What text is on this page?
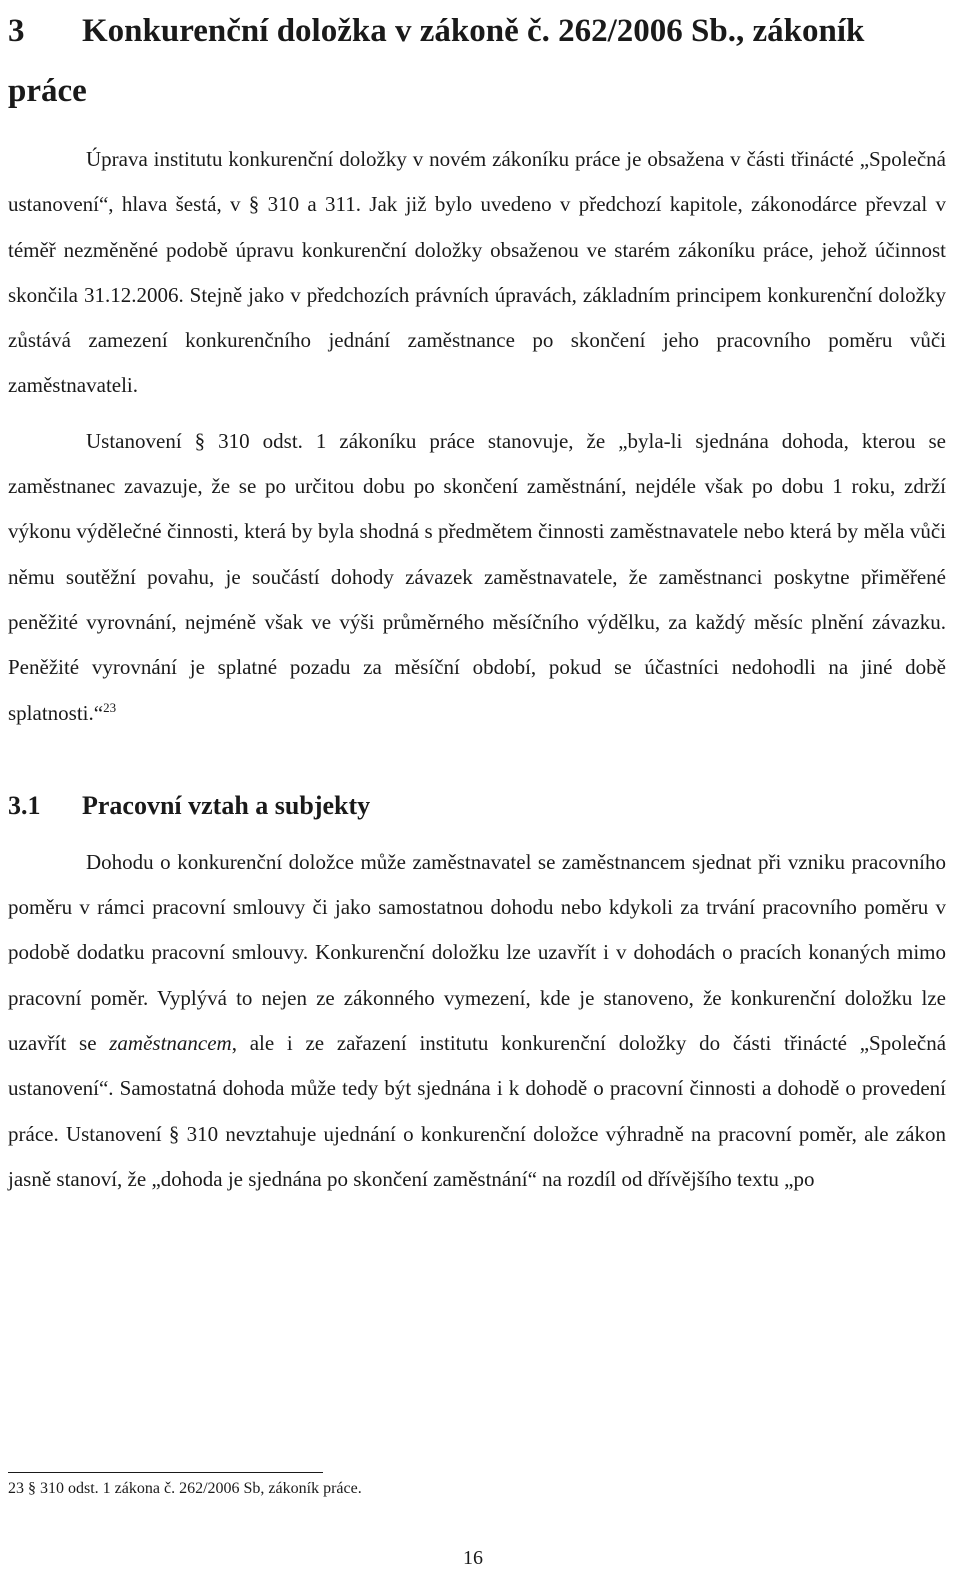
3 Konkurenční doložka v zákoně č. 262/2006 Sb., zákoník práce

Úprava institutu konkurenční doložky v novém zákoníku práce je obsažena v části třinácté „Společná ustanovení“, hlava šestá, v § 310 a 311. Jak již bylo uvedeno v předchozí kapitole, zákonodárce převzal v téměř nezměněné podobě úpravu konkurenční doložky obsaženou ve starém zákoníku práce, jehož účinnost skončila 31.12.2006. Stejně jako v předchozích právních úpravách, základním principem konkurenční doložky zůstává zamezení konkurenčního jednání zaměstnance po skončení jeho pracovního poměru vůči zaměstnavateli.

Ustanovení § 310 odst. 1 zákoníku práce stanovuje, že „byla-li sjednána dohoda, kterou se zaměstnanec zavazuje, že se po určitou dobu po skončení zaměstnání, nejdéle však po dobu 1 roku, zdrží výkonu výdělečné činnosti, která by byla shodná s předmětem činnosti zaměstnavatele nebo která by měla vůči němu soutěžní povahu, je součástí dohody závazek zaměstnavatele, že zaměstnanci poskytne přiměřené peněžité vyrovnání, nejméně však ve výši průměrného měsíčního výdělku, za každý měsíc plnění závazku. Peněžité vyrovnání je splatné pozadu za měsíční období, pokud se účastníci nedohodli na jiné době splatnosti.“$^{23}$

3.1 Pracovní vztah a subjekty

Dohodu o konkurenční doložce může zaměstnavatel se zaměstnancem sjednat při vzniku pracovního poměru v rámci pracovní smlouvy či jako samostatnou dohodu nebo kdykoli za trvání pracovního poměru v podobě dodatku pracovní smlouvy. Konkurenční doložku lze uzavřít i v dohodách o pracích konaných mimo pracovní poměr. Vyplývá to nejen ze zákonného vymezení, kde je stanoveno, že konkurenční doložku lze uzavřít se zaměstnancem, ale i ze zařazení institutu konkurenční doložky do části třinácté „Společná ustanovení“. Samostatná dohoda může tedy být sjednána i k dohodě o pracovní činnosti a dohodě o provedení práce. Ustanovení § 310 nevztahuje ujednání o konkurenční doložce výhradně na pracovní poměr, ale zákon jasně stanoví, že „dohoda je sjednána po skončení zaměstnání“ na rozdíl od dřívějšího textu „po

23 § 310 odst. 1 zákona č. 262/2006 Sb, zákoník práce.
16
